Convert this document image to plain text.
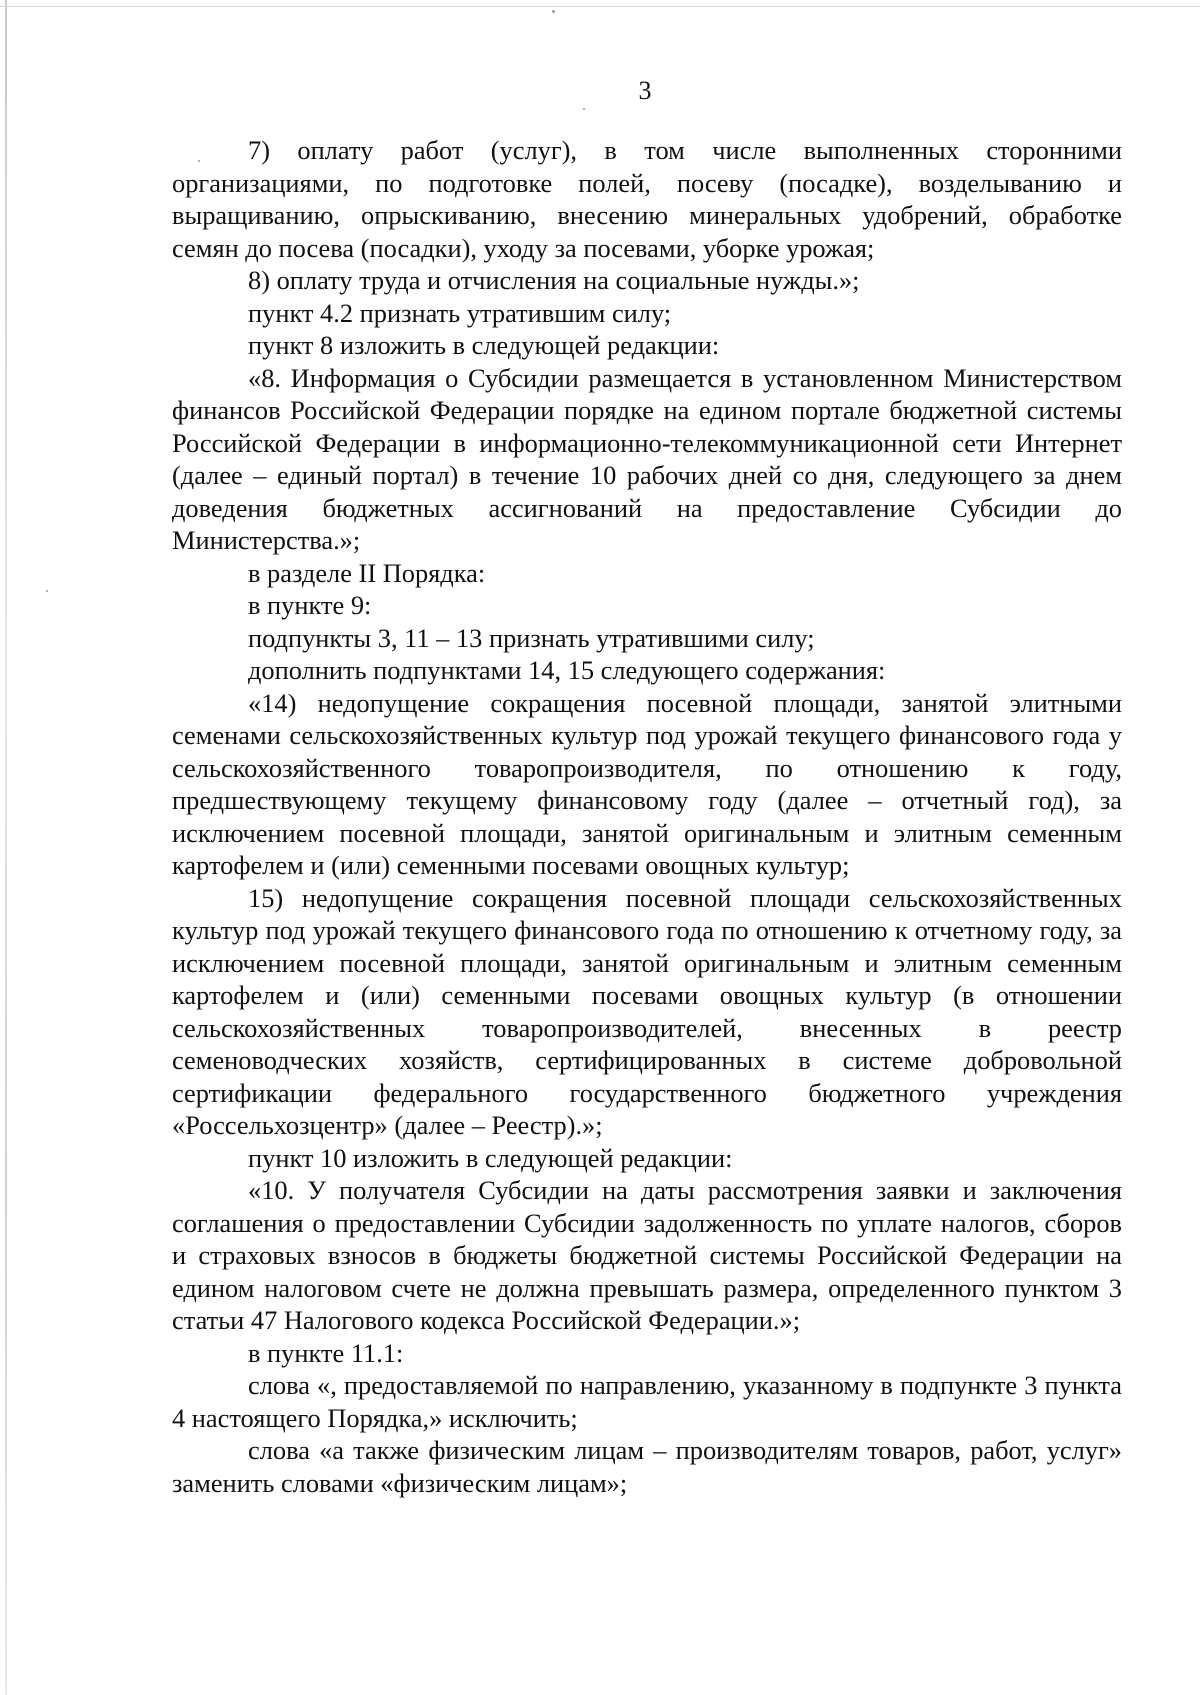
3

7) оплату работ (услуг), в том числе выполненных сторонними организациями, по подготовке полей, посеву (посадке), возделыванию и выращиванию, опрыскиванию, внесению минеральных удобрений, обработке семян до посева (посадки), уходу за посевами, уборке урожая;

8) оплату труда и отчисления на социальные нужды.»;

пункт 4.2 признать утратившим силу;

пункт 8 изложить в следующей редакции:

«8. Информация о Субсидии размещается в установленном Министерством финансов Российской Федерации порядке на едином портале бюджетной системы Российской Федерации в информационно-телекоммуникационной сети Интернет (далее – единый портал) в течение 10 рабочих дней со дня, следующего за днем доведения бюджетных ассигнований на предоставление Субсидии до Министерства.»;

в разделе II Порядка:

в пункте 9:

подпункты 3, 11 – 13 признать утратившими силу;

дополнить подпунктами 14, 15 следующего содержания:

«14) недопущение сокращения посевной площади, занятой элитными семенами сельскохозяйственных культур под урожай текущего финансового года у сельскохозяйственного товаропроизводителя, по отношению к году, предшествующему текущему финансовому году (далее – отчетный год), за исключением посевной площади, занятой оригинальным и элитным семенным картофелем и (или) семенными посевами овощных культур;

15) недопущение сокращения посевной площади сельскохозяйственных культур под урожай текущего финансового года по отношению к отчетному году, за исключением посевной площади, занятой оригинальным и элитным семенным картофелем и (или) семенными посевами овощных культур (в отношении сельскохозяйственных товаропроизводителей, внесенных в реестр семеноводческих хозяйств, сертифицированных в системе добровольной сертификации федерального государственного бюджетного учреждения «Россельхозцентр» (далее – Реестр).»;

пункт 10 изложить в следующей редакции:

«10. У получателя Субсидии на даты рассмотрения заявки и заключения соглашения о предоставлении Субсидии задолженность по уплате налогов, сборов и страховых взносов в бюджеты бюджетной системы Российской Федерации на едином налоговом счете не должна превышать размера, определенного пунктом 3 статьи 47 Налогового кодекса Российской Федерации.»;

в пункте 11.1:

слова «, предоставляемой по направлению, указанному в подпункте 3 пункта 4 настоящего Порядка,» исключить;

слова «а также физическим лицам – производителям товаров, работ, услуг» заменить словами «физическим лицам»;
